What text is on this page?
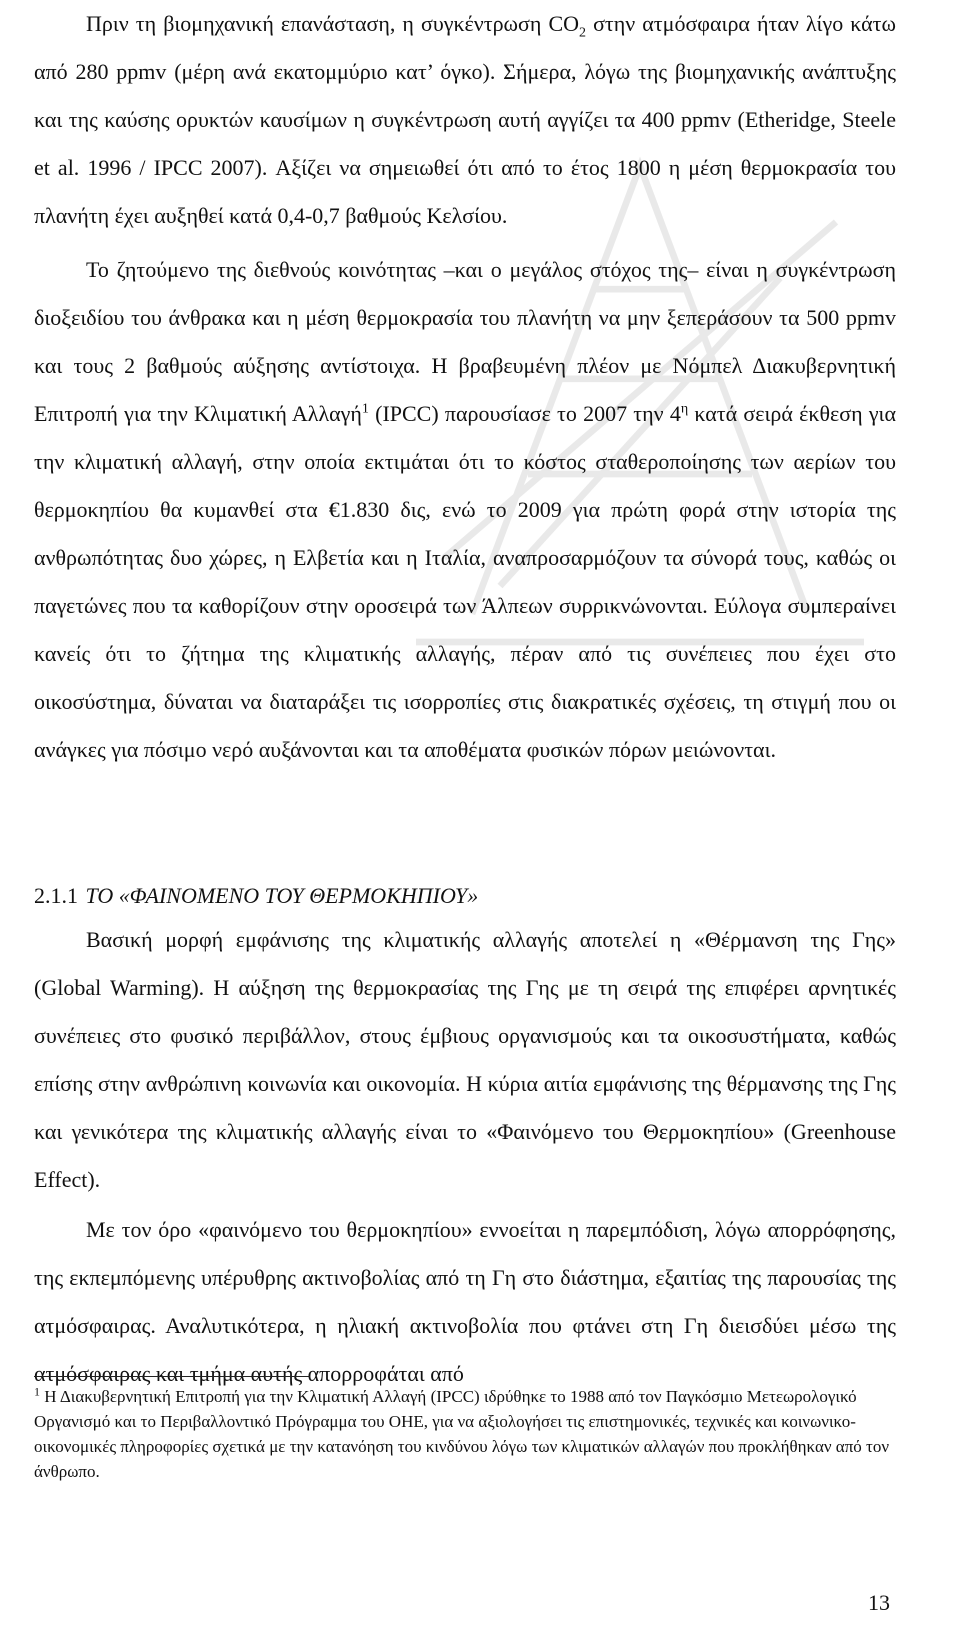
Πριν τη βιομηχανική επανάσταση, η συγκέντρωση $CO_2$ στην ατμόσφαιρα ήταν λίγο κάτω από 280 ppmv (μέρη ανά εκατομμύριο κατ’ όγκο). Σήμερα, λόγω της βιομηχανικής ανάπτυξης και της καύσης ορυκτών καυσίμων η συγκέντρωση αυτή αγγίζει τα 400 ppmv (Etheridge, Steele et al. 1996 / IPCC 2007). Αξίζει να σημειωθεί ότι από το έτος 1800 η μέση θερμοκρασία του πλανήτη έχει αυξηθεί κατά 0,4-0,7 βαθμούς Κελσίου.

Το ζητούμενο της διεθνούς κοινότητας –και ο μεγάλος στόχος της– είναι η συγκέντρωση διοξειδίου του άνθρακα και η μέση θερμοκρασία του πλανήτη να μην ξεπεράσουν τα 500 ppmv και τους 2 βαθμούς αύξησης αντίστοιχα. Η βραβευμένη πλέον με Νόμπελ Διακυβερνητική Επιτροπή για την Κλιματική Αλλαγή$^1$ (IPCC) παρουσίασε το 2007 την $4^\eta$ κατά σειρά έκθεση για την κλιματική αλλαγή, στην οποία εκτιμάται ότι το κόστος σταθεροποίησης των αερίων του θερμοκηπίου θα κυμανθεί στα €1.830 δις, ενώ το 2009 για πρώτη φορά στην ιστορία της ανθρωπότητας δυο χώρες, η Ελβετία και η Ιταλία, αναπροσαρμόζουν τα σύνορά τους, καθώς οι παγετώνες που τα καθορίζουν στην οροσειρά των Άλπεων συρρικνώνονται. Εύλογα συμπεραίνει κανείς ότι το ζήτημα της κλιματικής αλλαγής, πέραν από τις συνέπειες που έχει στο οικοσύστημα, δύναται να διαταράξει τις ισορροπίες στις διακρατικές σχέσεις, τη στιγμή που οι ανάγκες για πόσιμο νερό αυξάνονται και τα αποθέματα φυσικών πόρων μειώνονται.

2.1.1 ΤΟ «ΦΑΙΝΟΜΕΝΟ ΤΟΥ ΘΕΡΜΟΚΗΠΙΟΥ»

Βασική μορφή εμφάνισης της κλιματικής αλλαγής αποτελεί η «Θέρμανση της Γης» (Global Warming). Η αύξηση της θερμοκρασίας της Γης με τη σειρά της επιφέρει αρνητικές συνέπειες στο φυσικό περιβάλλον, στους έμβιους οργανισμούς και τα οικοσυστήματα, καθώς επίσης στην ανθρώπινη κοινωνία και οικονομία. Η κύρια αιτία εμφάνισης της θέρμανσης της Γης και γενικότερα της κλιματικής αλλαγής είναι το «Φαινόμενο του Θερμοκηπίου» (Greenhouse Effect).

Με τον όρο «φαινόμενο του θερμοκηπίου» εννοείται η παρεμπόδιση, λόγω απορρόφησης, της εκπεμπόμενης υπέρυθρης ακτινοβολίας από τη Γη στο διάστημα, εξαιτίας της παρουσίας της ατμόσφαιρας. Αναλυτικότερα, η ηλιακή ακτινοβολία που φτάνει στη Γη διεισδύει μέσω της ατμόσφαιρας και τμήμα αυτής απορροφάται από

$^1$ Η Διακυβερνητική Επιτροπή για την Κλιματική Αλλαγή (IPCC) ιδρύθηκε το 1988 από τον Παγκόσμιο Μετεωρολογικό Οργανισμό και το Περιβαλλοντικό Πρόγραμμα του ΟΗΕ, για να αξιολογήσει τις επιστημονικές, τεχνικές και κοινωνικο-οικονομικές πληροφορίες σχετικά με την κατανόηση του κινδύνου λόγω των κλιματικών αλλαγών που προκλήθηκαν από τον άνθρωπο.

13
